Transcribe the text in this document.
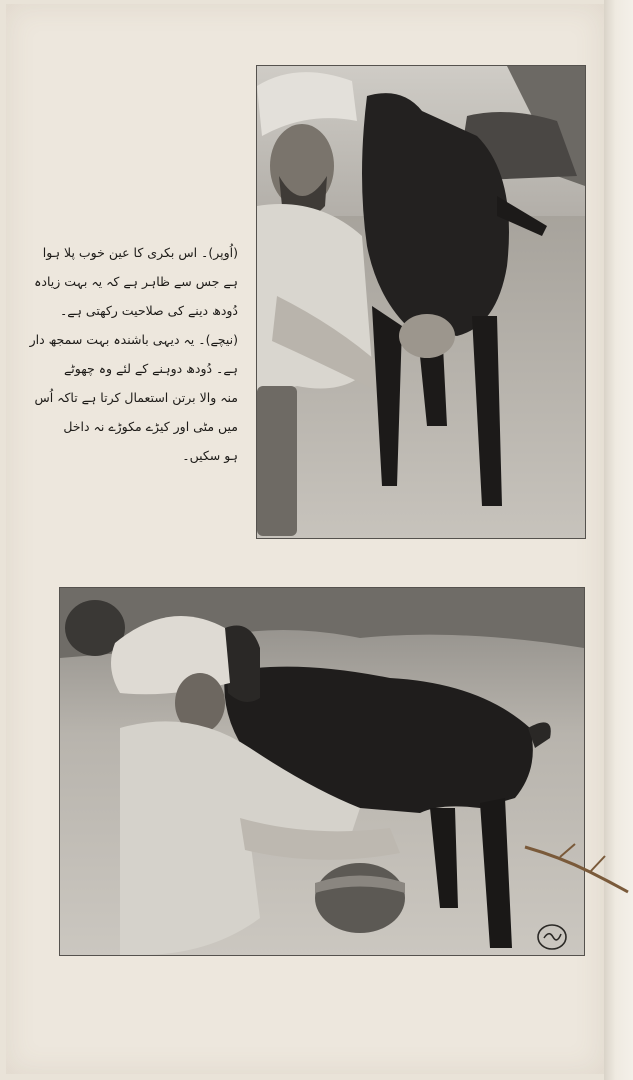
(اُوپر)۔ اس بکری کا عین خوب پلا ہوا

ہے جس سے ظاہر ہے کہ یہ بہت زیادہ

دُودھ دینے کی صلاحیت رکھتی ہے۔

(نیچے)۔ یہ دیہی باشندہ بہت سمجھ دار

ہے۔ دُودھ دوہنے کے لئے وہ چھوٹے

منہ والا برتن استعمال کرتا ہے تاکہ اُس

میں مٹی اور کیڑے مکوڑے نہ داخل

ہو سکیں۔
